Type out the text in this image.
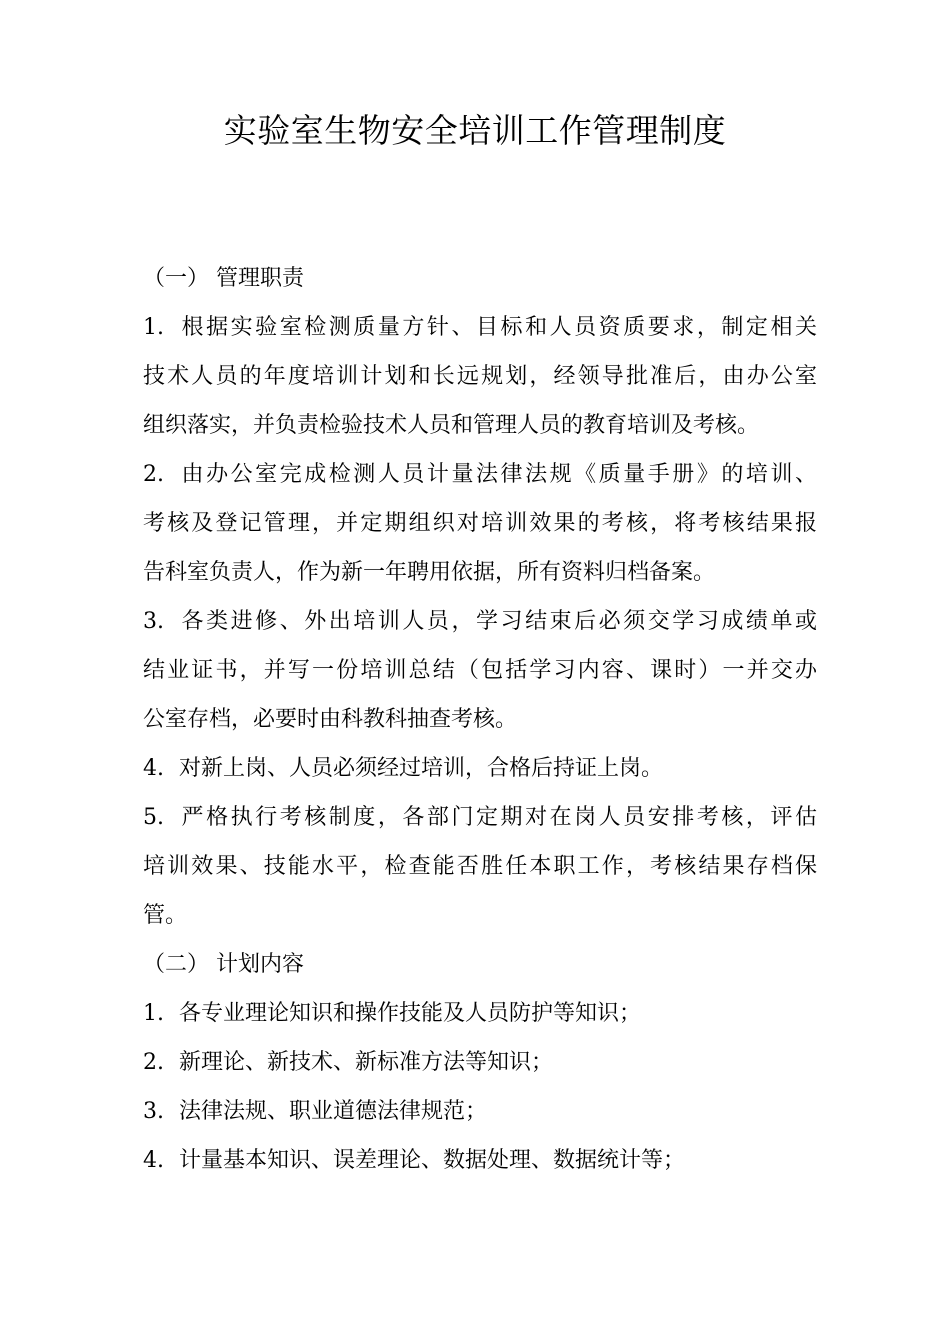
实验室生物安全培训工作管理制度
（一） 管理职责
1. 根据实验室检测质量方针、目标和人员资质要求，制定相关
技术人员的年度培训计划和长远规划，经领导批准后，由办公室
组织落实，并负责检验技术人员和管理人员的教育培训及考核。
2. 由办公室完成检测人员计量法律法规《质量手册》的培训、
考核及登记管理，并定期组织对培训效果的考核，将考核结果报
告科室负责人，作为新一年聘用依据，所有资料归档备案。
3. 各类进修、外出培训人员，学习结束后必须交学习成绩单或
结业证书，并写一份培训总结（包括学习内容、课时）一并交办
公室存档，必要时由科教科抽查考核。
4. 对新上岗、人员必须经过培训，合格后持证上岗。
5. 严格执行考核制度，各部门定期对在岗人员安排考核，评估
培训效果、技能水平，检查能否胜任本职工作，考核结果存档保
管。
（二） 计划内容
1. 各专业理论知识和操作技能及人员防护等知识；
2. 新理论、新技术、新标准方法等知识；
3. 法律法规、职业道德法律规范；
4. 计量基本知识、误差理论、数据处理、数据统计等；
